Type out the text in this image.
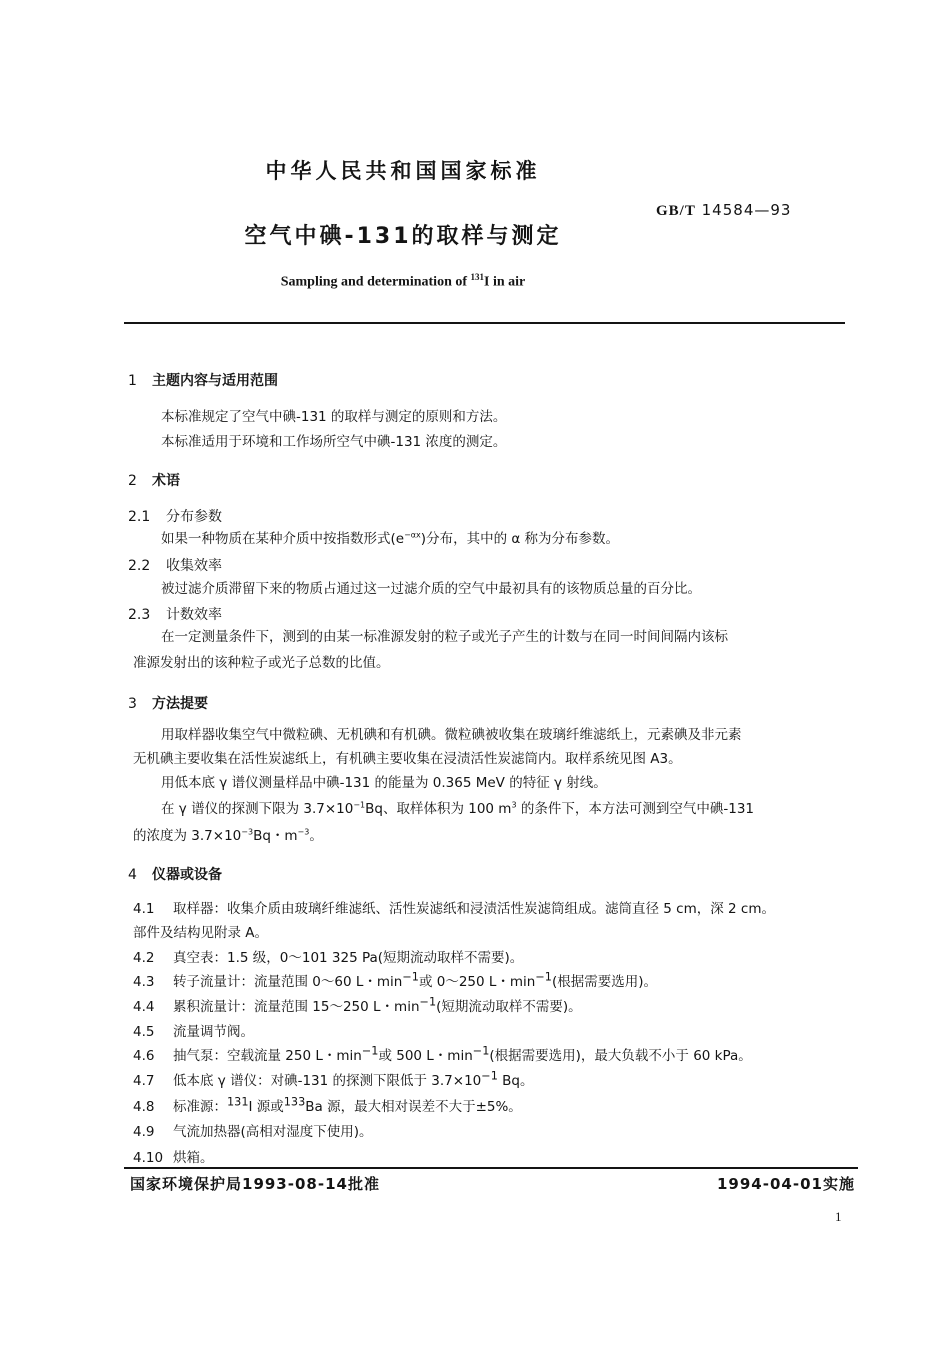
中华人民共和国国家标准
GB/T 14584—93
空气中碘-131的取样与测定
Sampling and determination of $^{131}$I in air
1 主题内容与适用范围
本标准规定了空气中碘-131 的取样与测定的原则和方法。
本标准适用于环境和工作场所空气中碘-131 浓度的测定。
2 术语
2.1 分布参数
如果一种物质在某种介质中按指数形式$(e^{-\alpha x})$分布，其中的 α 称为分布参数。
2.2 收集效率
被过滤介质滞留下来的物质占通过这一过滤介质的空气中最初具有的该物质总量的百分比。
2.3 计数效率
在一定测量条件下，测到的由某一标准源发射的粒子或光子产生的计数与在同一时间间隔内该标
准源发射出的该种粒子或光子总数的比值。
3 方法提要
用取样器收集空气中微粒碘、无机碘和有机碘。微粒碘被收集在玻璃纤维滤纸上，元素碘及非元素
无机碘主要收集在活性炭滤纸上，有机碘主要收集在浸渍活性炭滤筒内。取样系统见图 A3。
用低本底 γ 谱仪测量样品中碘-131 的能量为 0.365 MeV 的特征 γ 射线。
在 γ 谱仪的探测下限为 $3.7\times 10^{-1}Bq$、取样体积为 100 $m^3$ 的条件下，本方法可测到空气中碘-131
的浓度为 $3.7\times 10^{-3}Bq$・$m^{-3}$。
4 仪器或设备
4.1 取样器：收集介质由玻璃纤维滤纸、活性炭滤纸和浸渍活性炭滤筒组成。滤筒直径 5 cm，深 2 cm。
部件及结构见附录 A。
4.2 真空表：1.5 级，0～101 325 Pa(短期流动取样不需要)。
4.3 转子流量计：流量范围 0～60 L・$\min^{-1}$或 0～250 L・$\min^{-1}$(根据需要选用)。
4.4 累积流量计：流量范围 15～250 L・$\min^{-1}$(短期流动取样不需要)。
4.5 流量调节阀。
4.6 抽气泵：空载流量 250 L・$\min^{-1}$或 500 L・$\min^{-1}$(根据需要选用)，最大负载不小于 60 kPa。
4.7 低本底 γ 谱仪：对碘-131 的探测下限低于 $3.7\times 10^{-1}$ Bq。
4.8 标准源：$^{131}$I 源或$^{133}$Ba 源，最大相对误差不大于±5%。
4.9 气流加热器(高相对湿度下使用)。
4.10 烘箱。
国家环境保护局1993-08-14批准	1994-04-01实施
1
